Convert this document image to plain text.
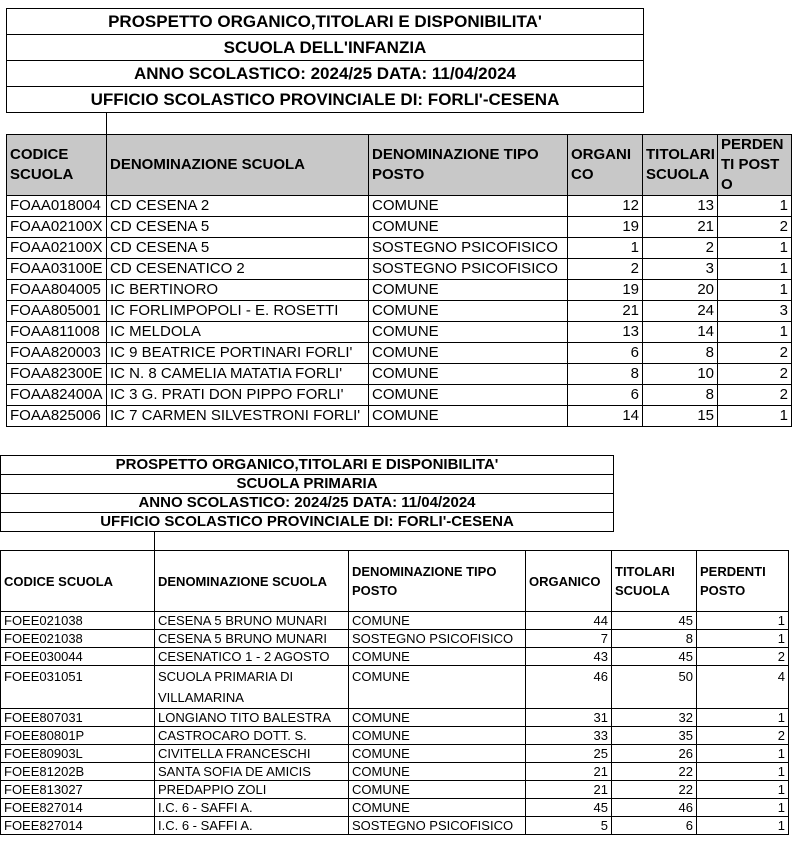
PROSPETTO ORGANICO,TITOLARI E DISPONIBILITA'
SCUOLA DELL'INFANZIA
ANNO SCOLASTICO: 2024/25 DATA: 11/04/2024
UFFICIO SCOLASTICO PROVINCIALE DI: FORLI'-CESENA
CODICE SCUOLA	DENOMINAZIONE SCUOLA	DENOMINAZIONE TIPO POSTO	ORGANICO	TITOLARI SCUOLA	PERDENTI POSTO
FOAA018004	CD CESENA 2	COMUNE	12	13	1
FOAA02100X	CD CESENA 5	COMUNE	19	21	2
FOAA02100X	CD CESENA 5	SOSTEGNO PSICOFISICO	1	2	1
FOAA03100E	CD CESENATICO 2	SOSTEGNO PSICOFISICO	2	3	1
FOAA804005	IC BERTINORO	COMUNE	19	20	1
FOAA805001	IC FORLIMPOPOLI - E. ROSETTI	COMUNE	21	24	3
FOAA811008	IC MELDOLA	COMUNE	13	14	1
FOAA820003	IC 9 BEATRICE PORTINARI FORLI'	COMUNE	6	8	2
FOAA82300E	IC N. 8 CAMELIA MATATIA FORLI'	COMUNE	8	10	2
FOAA82400A	IC 3 G. PRATI DON PIPPO FORLI'	COMUNE	6	8	2
FOAA825006	IC 7 CARMEN SILVESTRONI FORLI'	COMUNE	14	15	1
PROSPETTO ORGANICO,TITOLARI E DISPONIBILITA'
SCUOLA PRIMARIA
ANNO SCOLASTICO: 2024/25 DATA: 11/04/2024
UFFICIO SCOLASTICO PROVINCIALE DI: FORLI'-CESENA
CODICE SCUOLA	DENOMINAZIONE SCUOLA	DENOMINAZIONE TIPO POSTO	ORGANICO	TITOLARI SCUOLA	PERDENTI POSTO
FOEE021038	CESENA 5 BRUNO MUNARI	COMUNE	44	45	1
FOEE021038	CESENA 5 BRUNO MUNARI	SOSTEGNO PSICOFISICO	7	8	1
FOEE030044	CESENATICO 1 - 2 AGOSTO	COMUNE	43	45	2
FOEE031051	SCUOLA PRIMARIA DI VILLAMARINA	COMUNE	46	50	4
FOEE807031	LONGIANO TITO BALESTRA	COMUNE	31	32	1
FOEE80801P	CASTROCARO DOTT. S.	COMUNE	33	35	2
FOEE80903L	CIVITELLA FRANCESCHI	COMUNE	25	26	1
FOEE81202B	SANTA SOFIA DE AMICIS	COMUNE	21	22	1
FOEE813027	PREDAPPIO ZOLI	COMUNE	21	22	1
FOEE827014	I.C. 6 - SAFFI A.	COMUNE	45	46	1
FOEE827014	I.C. 6 - SAFFI A.	SOSTEGNO PSICOFISICO	5	6	1
